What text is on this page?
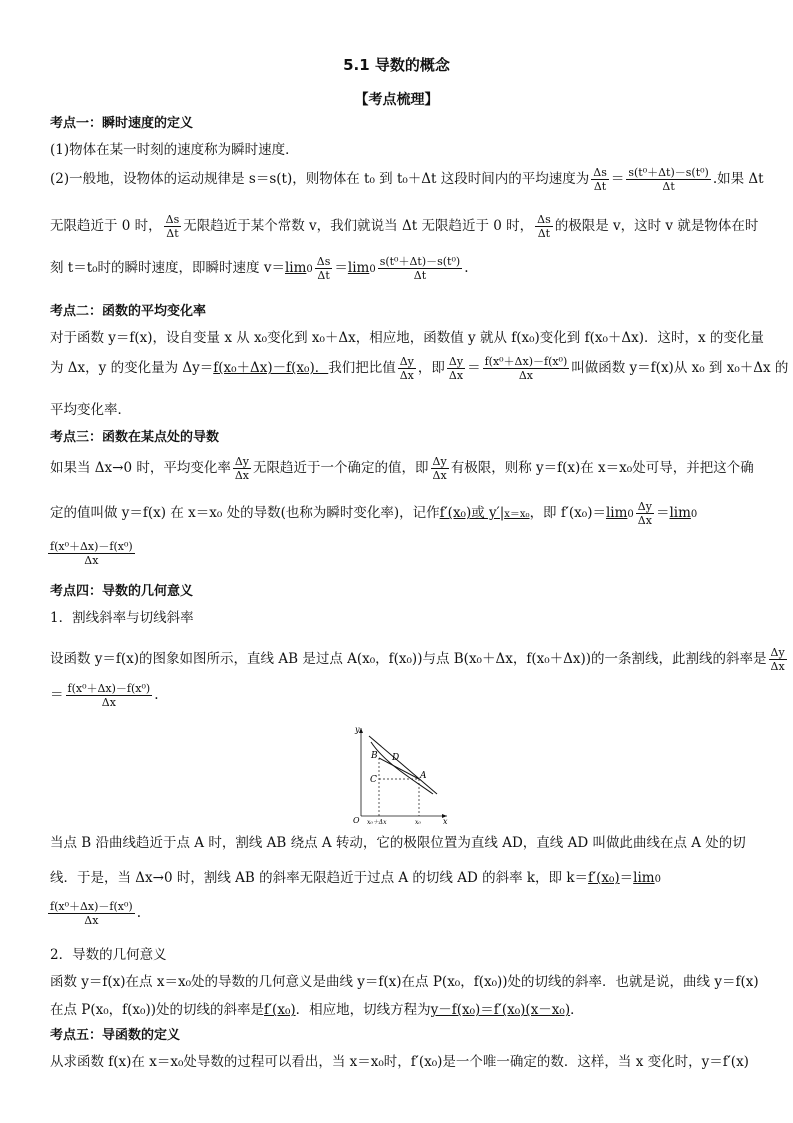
5.1 导数的概念
【考点梳理】
考点一：瞬时速度的定义
(1)物体在某一时刻的速度称为瞬时速度．
(2)一般地，设物体的运动规律是 s＝s(t)，则物体在 t₀ 到 t₀＋Δt 这段时间内的平均速度为 $\frac{\Delta s}{\Delta t} = \frac{\text{s(t⁰＋Δt)－s(t⁰)}}{\Delta t}$ .如果 Δt
无限趋近于 0 时， $\frac{\Delta s}{\Delta t}$ 无限趋近于某个常数 v，我们就说当 Δt 无限趋近于 0 时， $\frac{\Delta s}{\Delta t}$ 的极限是 v，这时 v 就是物体在时
刻 t＝t₀时的瞬时速度，即瞬时速度 $v=\lim 0 \frac{\Delta s}{\Delta t} =\lim 0 \frac{\text{s(t⁰＋Δt)－s(t⁰)}}{\Delta t}$ .
考点二：函数的平均变化率
对于函数 y＝f(x)，设自变量 x 从 x₀变化到 x₀＋Δx，相应地，函数值 y 就从 f(x₀)变化到 f(x₀＋Δx)．这时，x 的变化量
为 Δx，y 的变化量为 Δy＝f(x₀＋Δx)－f(x₀)．我们把比值 $\frac{\Delta y}{\Delta x}$ ，即 $\frac{\Delta y}{\Delta x} = \frac{\text{f(x⁰＋Δx)－f(x⁰)}}{\Delta x}$ 叫做函数 y＝f(x)从 x₀ 到 x₀＋Δx 的
平均变化率．
考点三：函数在某点处的导数
如果当 Δx→0 时，平均变化率 $\frac{\Delta y}{\Delta x}$ 无限趋近于一个确定的值，即 $\frac{\Delta y}{\Delta x}$ 有极限，则称 y＝f(x)在 x＝x₀处可导，并把这个确
定的值叫做 y＝f(x) 在 x＝x₀ 处的导数(也称为瞬时变化率)，记作f′(x₀)或 y′|x＝x₀，即 $f'(x_0)=\lim 0 \frac{\Delta y}{\Delta x} =\lim 0$
$\frac{\text{f(x⁰＋Δx)－f(x⁰)}}{\Delta x}$
考点四：导数的几何意义
1．割线斜率与切线斜率
设函数 y＝f(x)的图象如图所示，直线 AB 是过点 A(x₀，f(x₀))与点 B(x₀＋Δx，f(x₀＋Δx))的一条割线，此割线的斜率是 $\frac{\Delta y}{\Delta x}$
＝ $\frac{\text{f(x⁰＋Δx)－f(x⁰)}}{\Delta x}$ .
y
x
O
A
B
C
D
x₀＋Δx	x₀
当点 B 沿曲线趋近于点 A 时，割线 AB 绕点 A 转动，它的极限位置为直线 AD，直线 AD 叫做此曲线在点 A 处的切
线．于是，当 Δx→0 时，割线 AB 的斜率无限趋近于过点 A 的切线 AD 的斜率 k，即 k＝f′(x₀)＝lim0
$\frac{\text{f(x⁰＋Δx)－f(x⁰)}}{\Delta x}$ .
2．导数的几何意义
函数 y＝f(x)在点 x＝x₀处的导数的几何意义是曲线 y＝f(x)在点 P(x₀，f(x₀))处的切线的斜率．也就是说，曲线 y＝f(x)
在点 P(x₀，f(x₀))处的切线的斜率是f′(x₀)．相应地，切线方程为y－f(x₀)＝f′(x₀)(x－x₀)．
考点五：导函数的定义
从求函数 f(x)在 x＝x₀处导数的过程可以看出，当 x＝x₀时，f′(x₀)是一个唯一确定的数．这样，当 x 变化时，y＝f′(x)
